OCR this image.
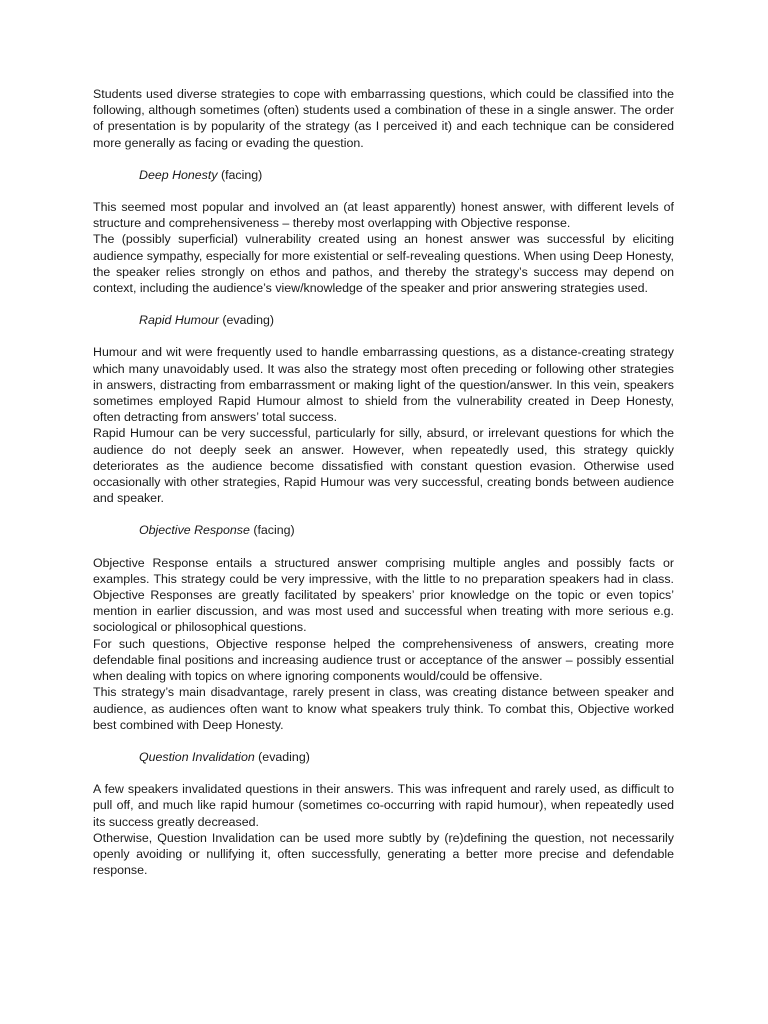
Students used diverse strategies to cope with embarrassing questions, which could be classified into the following, although sometimes (often) students used a combination of these in a single answer. The order of presentation is by popularity of the strategy (as I perceived it) and each technique can be considered more generally as facing or evading the question.

Deep Honesty (facing)

This seemed most popular and involved an (at least apparently) honest answer, with different levels of structure and comprehensiveness – thereby most overlapping with Objective response.

The (possibly superficial) vulnerability created using an honest answer was successful by eliciting audience sympathy, especially for more existential or self-revealing questions. When using Deep Honesty, the speaker relies strongly on ethos and pathos, and thereby the strategy’s success may depend on context, including the audience’s view/knowledge of the speaker and prior answering strategies used.

Rapid Humour (evading)

Humour and wit were frequently used to handle embarrassing questions, as a distance-creating strategy which many unavoidably used. It was also the strategy most often preceding or following other strategies in answers, distracting from embarrassment or making light of the question/answer. In this vein, speakers sometimes employed Rapid Humour almost to shield from the vulnerability created in Deep Honesty, often detracting from answers’ total success.

Rapid Humour can be very successful, particularly for silly, absurd, or irrelevant questions for which the audience do not deeply seek an answer. However, when repeatedly used, this strategy quickly deteriorates as the audience become dissatisfied with constant question evasion. Otherwise used occasionally with other strategies, Rapid Humour was very successful, creating bonds between audience and speaker.

Objective Response (facing)

Objective Response entails a structured answer comprising multiple angles and possibly facts or examples. This strategy could be very impressive, with the little to no preparation speakers had in class. Objective Responses are greatly facilitated by speakers’ prior knowledge on the topic or even topics’ mention in earlier discussion, and was most used and successful when treating with more serious e.g. sociological or philosophical questions.

For such questions, Objective response helped the comprehensiveness of answers, creating more defendable final positions and increasing audience trust or acceptance of the answer – possibly essential when dealing with topics on where ignoring components would/could be offensive.

This strategy’s main disadvantage, rarely present in class, was creating distance between speaker and audience, as audiences often want to know what speakers truly think. To combat this, Objective worked best combined with Deep Honesty.

Question Invalidation (evading)

A few speakers invalidated questions in their answers. This was infrequent and rarely used, as difficult to pull off, and much like rapid humour (sometimes co-occurring with rapid humour), when repeatedly used its success greatly decreased.

Otherwise, Question Invalidation can be used more subtly by (re)defining the question, not necessarily openly avoiding or nullifying it, often successfully, generating a better more precise and defendable response.
